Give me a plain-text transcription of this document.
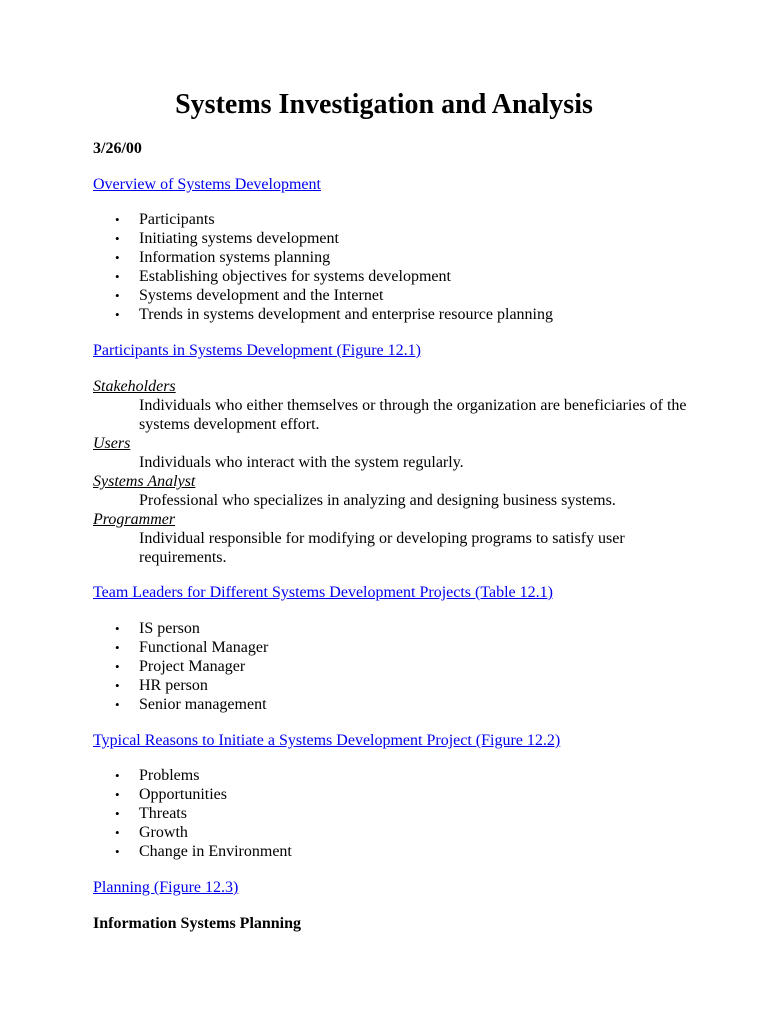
Systems Investigation and Analysis

3/26/00

Overview of Systems Development

• Participants
• Initiating systems development
• Information systems planning
• Establishing objectives for systems development
• Systems development and the Internet
• Trends in systems development and enterprise resource planning

Participants in Systems Development (Figure 12.1)

Stakeholders
Individuals who either themselves or through the organization are beneficiaries of the systems development effort.
Users
Individuals who interact with the system regularly.
Systems Analyst
Professional who specializes in analyzing and designing business systems.
Programmer
Individual responsible for modifying or developing programs to satisfy user requirements.

Team Leaders for Different Systems Development Projects (Table 12.1)

• IS person
• Functional Manager
• Project Manager
• HR person
• Senior management

Typical Reasons to Initiate a Systems Development Project (Figure 12.2)

• Problems
• Opportunities
• Threats
• Growth
• Change in Environment

Planning (Figure 12.3)

Information Systems Planning
